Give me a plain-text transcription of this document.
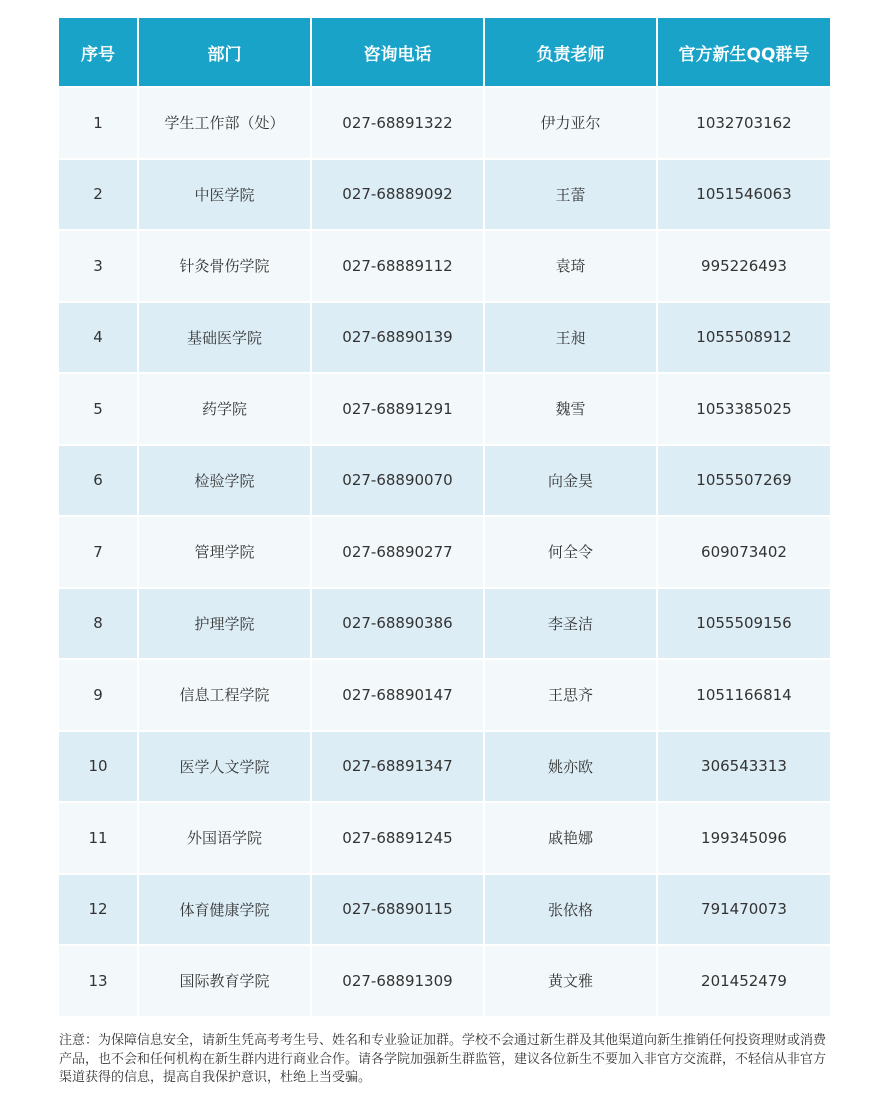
序号	部门	咨询电话	负责老师	官方新生QQ群号
1	学生工作部（处）	027-68891322	伊力亚尔	1032703162
2	中医学院	027-68889092	王蕾	1051546063
3	针灸骨伤学院	027-68889112	袁琦	995226493
4	基础医学院	027-68890139	王昶	1055508912
5	药学院	027-68891291	魏雪	1053385025
6	检验学院	027-68890070	向金昊	1055507269
7	管理学院	027-68890277	何全令	609073402
8	护理学院	027-68890386	李圣洁	1055509156
9	信息工程学院	027-68890147	王思齐	1051166814
10	医学人文学院	027-68891347	姚亦欧	306543313
11	外国语学院	027-68891245	戚艳娜	199345096
12	体育健康学院	027-68890115	张依格	791470073
13	国际教育学院	027-68891309	黄文雅	201452479
注意：为保障信息安全，请新生凭高考考生号、姓名和专业验证加群。学校不会通过新生群及其他渠道向新生推销任何投资理财或消费产品，也不会和任何机构在新生群内进行商业合作。请各学院加强新生群监管，建议各位新生不要加入非官方交流群，不轻信从非官方渠道获得的信息，提高自我保护意识，杜绝上当受骗。
